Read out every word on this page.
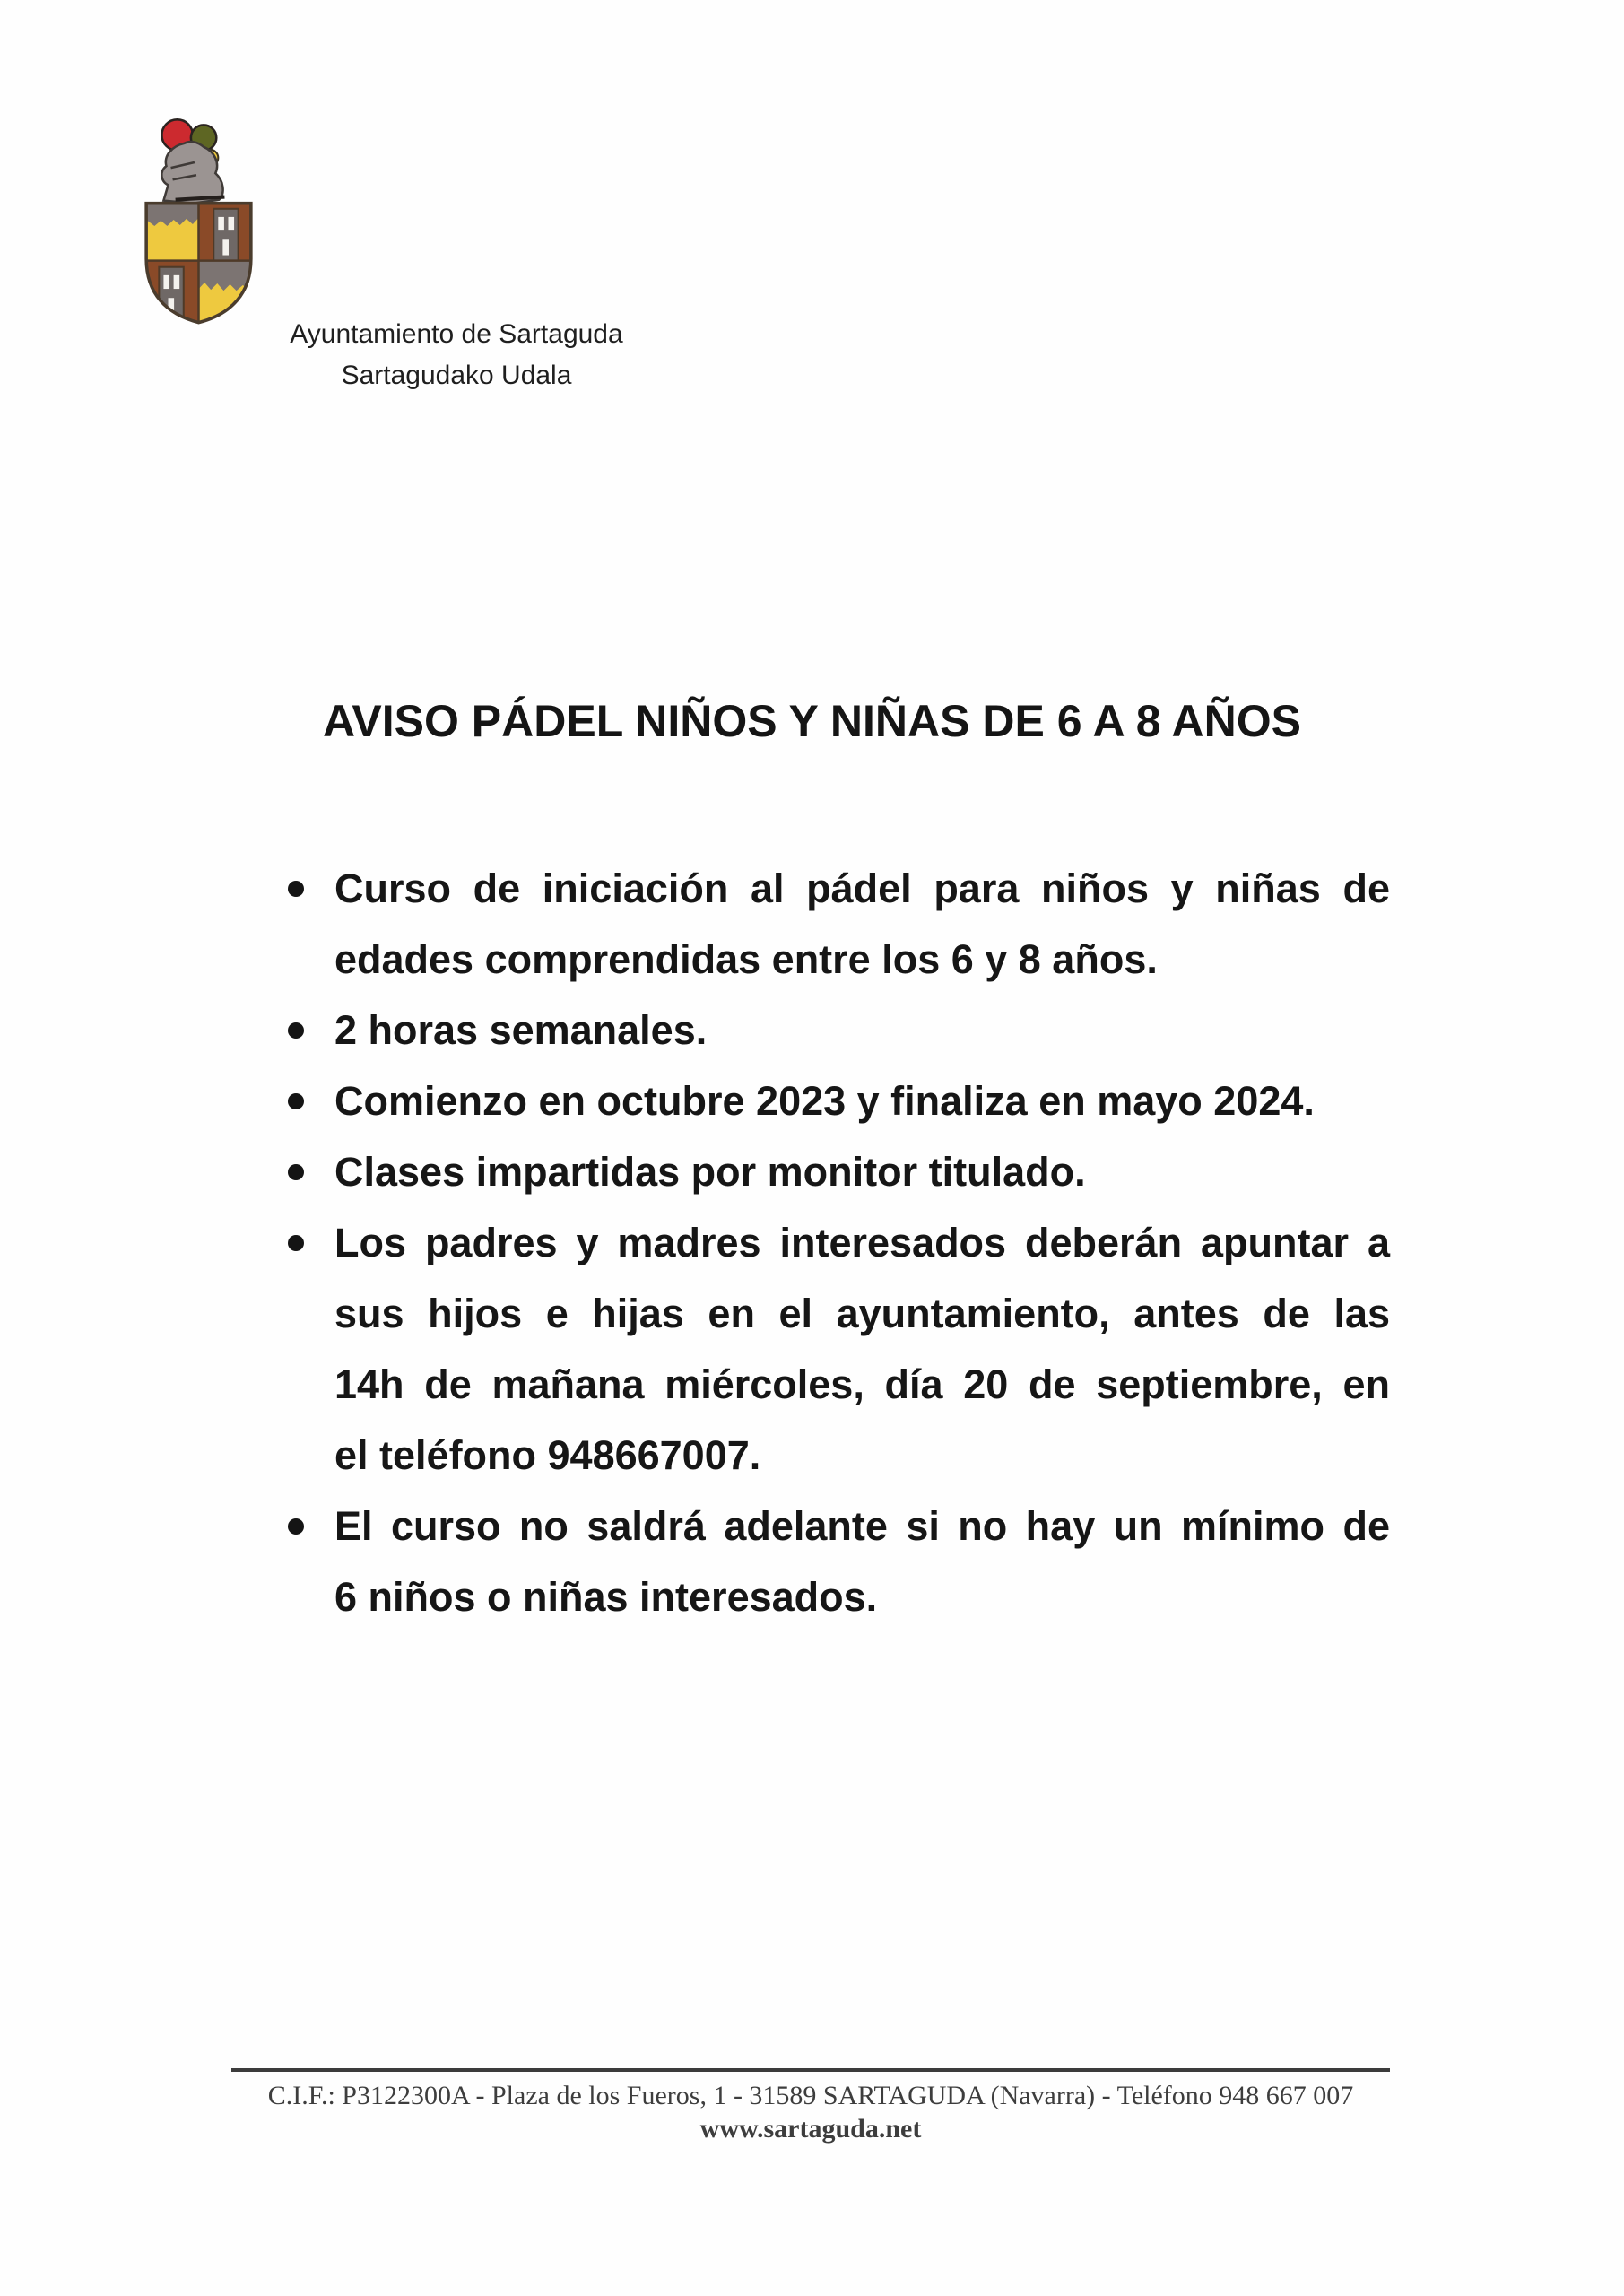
Ayuntamiento de Sartaguda
Sartagudako Udala
AVISO PÁDEL NIÑOS Y NIÑAS DE 6 A 8 AÑOS
Curso de iniciación al pádel para niños y niñas de
edades comprendidas entre los 6 y 8 años.
2 horas semanales.
Comienzo en octubre 2023 y finaliza en mayo 2024.
Clases impartidas por monitor titulado.
Los padres y madres interesados deberán apuntar a
sus hijos e hijas en el ayuntamiento, antes de las
14h de mañana miércoles, día 20 de septiembre, en
el teléfono 948667007.
El curso no saldrá adelante si no hay un mínimo de
6 niños o niñas interesados.
C.I.F.: P3122300A - Plaza de los Fueros, 1 - 31589 SARTAGUDA (Navarra) - Teléfono 948 667 007
www.sartaguda.net
